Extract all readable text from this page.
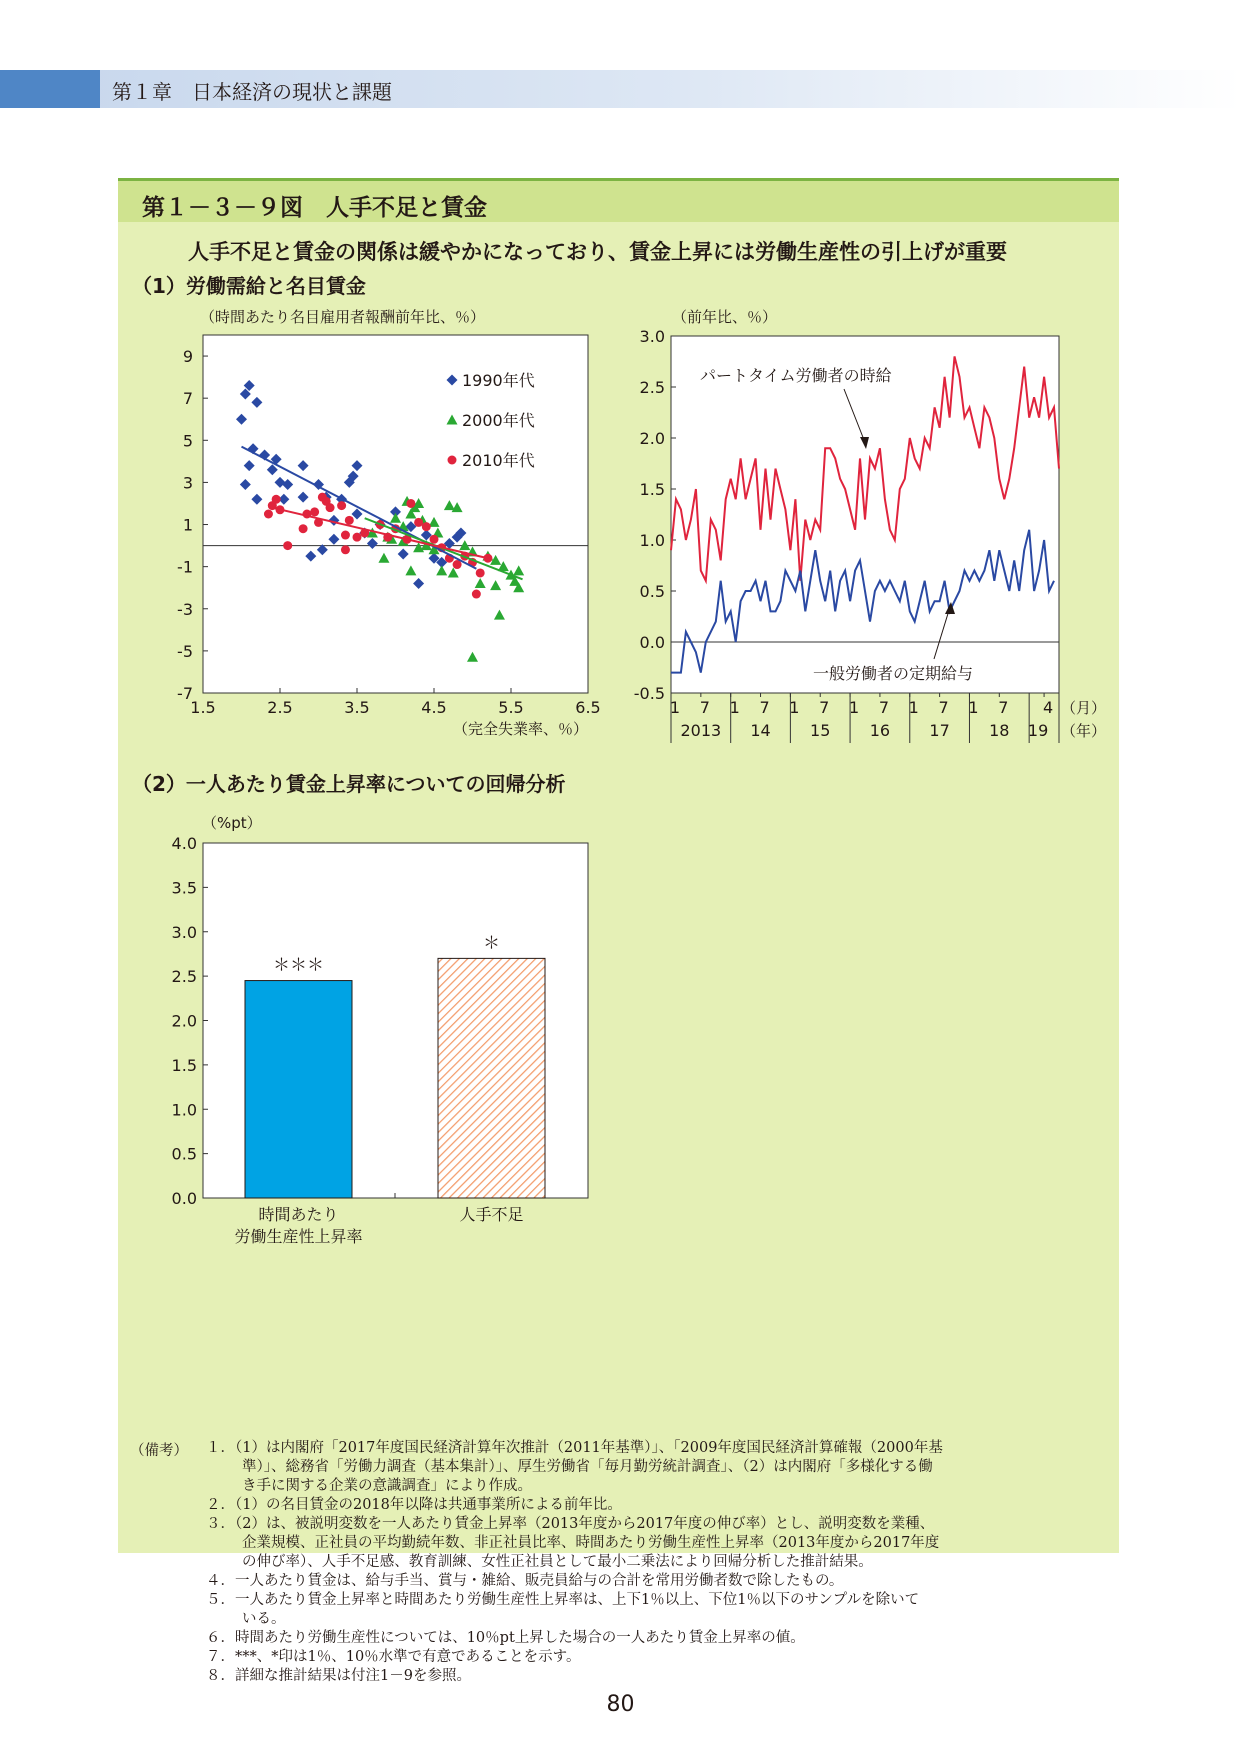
第１章　日本経済の現状と課題
第１－３－９図　人手不足と賃金
人手不足と賃金の関係は緩やかになっており、賃金上昇には労働生産性の引上げが重要
（1）労働需給と名目賃金
（2）一人あたり賃金上昇率についての回帰分析
（備考） １．（1）は内閣府「2017年度国民経済計算年次推計（2011年基準）」、「2009年度国民経済計算確報（2000年基
準）」、総務省「労働力調査（基本集計）」、厚生労働省「毎月勤労統計調査」、（2）は内閣府「多様化する働
き手に関する企業の意識調査」により作成。
２．（1）の名目賃金の2018年以降は共通事業所による前年比。
３．（2）は、被説明変数を一人あたり賃金上昇率（2013年度から2017年度の伸び率）とし、説明変数を業種、
企業規模、正社員の平均勤続年数、非正社員比率、時間あたり労働生産性上昇率（2013年度から2017年度
の伸び率）、人手不足感、教育訓練、女性正社員として最小二乗法により回帰分析した推計結果。
４．一人あたり賃金は、給与手当、賞与・雑給、販売員給与の合計を常用労働者数で除したもの。
５．一人あたり賃金上昇率と時間あたり労働生産性上昇率は、上下1％以上、下位1％以下のサンプルを除いて
いる。
６．時間あたり労働生産性については、10％pt上昇した場合の一人あたり賃金上昇率の値。
７．***、*印は1％、10％水準で有意であることを示す。
８．詳細な推計結果は付注1－9を参照。
9
7
5
3
1
-1
-3
-5
-7
1.5	2.5	3.5	4.5	5.5	6.5
（時間あたり名目雇用者報酬前年比、％）
（完全失業率、％）
1990年代
2000年代
2010年代
3.0
2.5
2.0
1.5
1.0
0.5
0.0
-0.5
（前年比、％）
1 7 1 7 1 7 1 7 1 7 1 7 4 （月）
2013 14 15 16 17 18 19 （年）
パートタイム労働者の時給
一般労働者の定期給与
4.0
3.5
3.0
2.5
2.0
1.5
1.0
0.5
0.0
（%pt）
＊＊＊
時間あたり
労働生産性上昇率
＊
人手不足
80
